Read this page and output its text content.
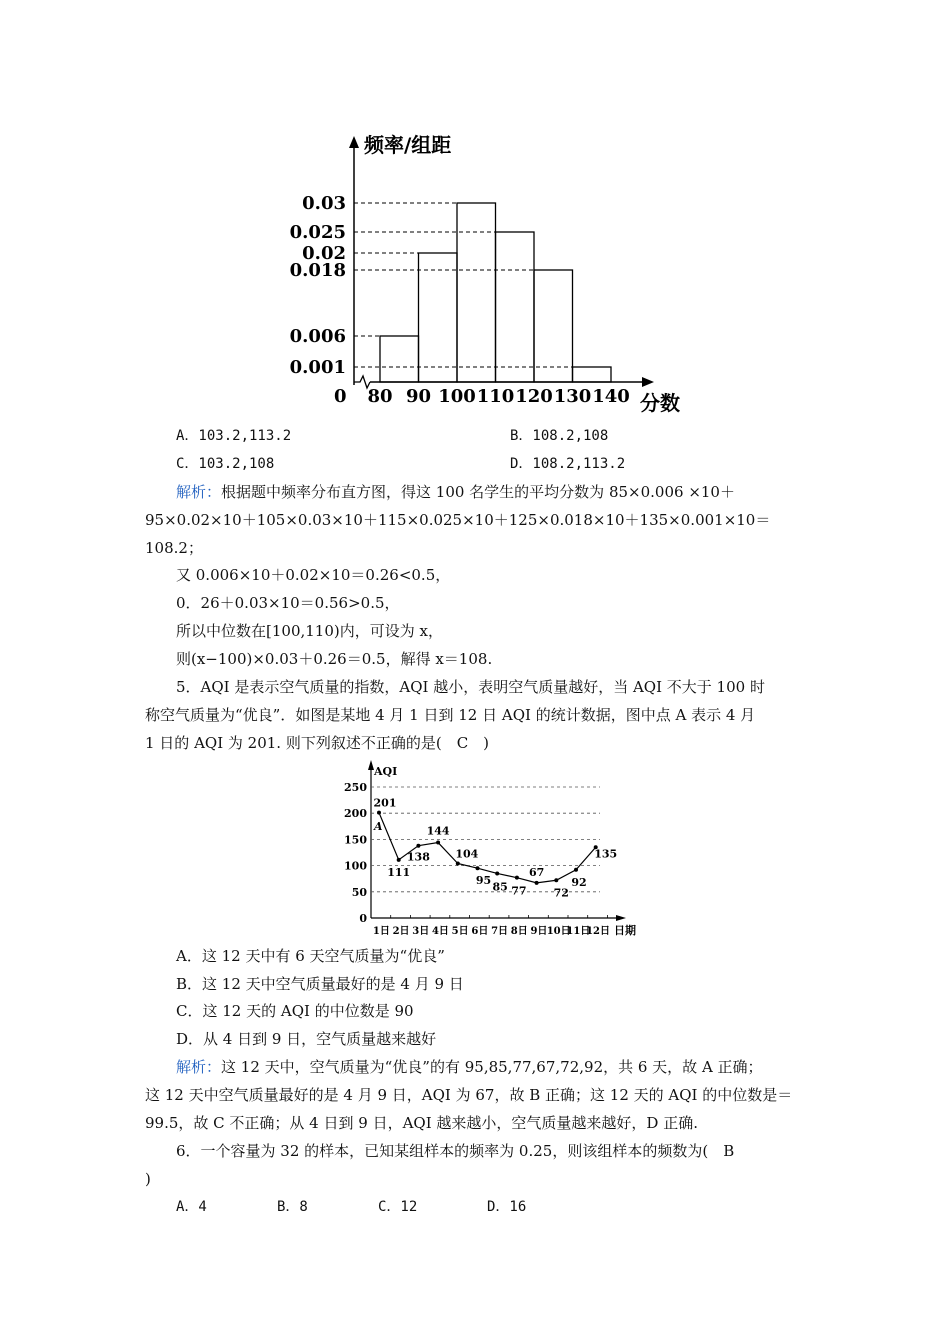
0.03
0.025
0.02
0.018
0.006
0.001
80 90 100 110 120 130 140
频率/组距
0	分数
A．103.2,113.2	B．108.2,108
C．103.2,108	D．108.2,113.2
解析：根据题中频率分布直方图，得这 100 名学生的平均分数为 85×0.006 ×10＋
95×0.02×10＋105×0.03×10＋115×0.025×10＋125×0.018×10＋135×0.001×10＝
108.2；
又 0.006×10＋0.02×10＝0.26<0.5，
0．26＋0.03×10＝0.56>0.5，
所以中位数在[100,110)内，可设为 x，
则(x−100)×0.03＋0.26＝0.5，解得 x＝108.
5．AQI 是表示空气质量的指数，AQI 越小，表明空气质量越好，当 AQI 不大于 100 时
称空气质量为“优良”．如图是某地 4 月 1 日到 12 日 AQI 的统计数据，图中点 A 表示 4 月
1 日的 AQI 为 201. 则下列叙述不正确的是(　C　)
250
200
150
100
50
0
1日 2日 3日 4日 5日 6日 7日 8日 9日 10日
11日
12日
201
111
138
144
104
95 85 77
67
72
92
135
AQI
日期
A
A．这 12 天中有 6 天空气质量为“优良”
B．这 12 天中空气质量最好的是 4 月 9 日
C．这 12 天的 AQI 的中位数是 90
D．从 4 日到 9 日，空气质量越来越好
解析：这 12 天中，空气质量为“优良”的有 95,85,77,67,72,92，共 6 天，故 A 正确；
这 12 天中空气质量最好的是 4 月 9 日，AQI 为 67，故 B 正确；这 12 天的 AQI 的中位数是＝
99.5，故 C 不正确；从 4 日到 9 日，AQI 越来越小，空气质量越来越好，D 正确.
6．一个容量为 32 的样本，已知某组样本的频率为 0.25，则该组样本的频数为(　B
)
A．4	B．8	C．12	D．16
